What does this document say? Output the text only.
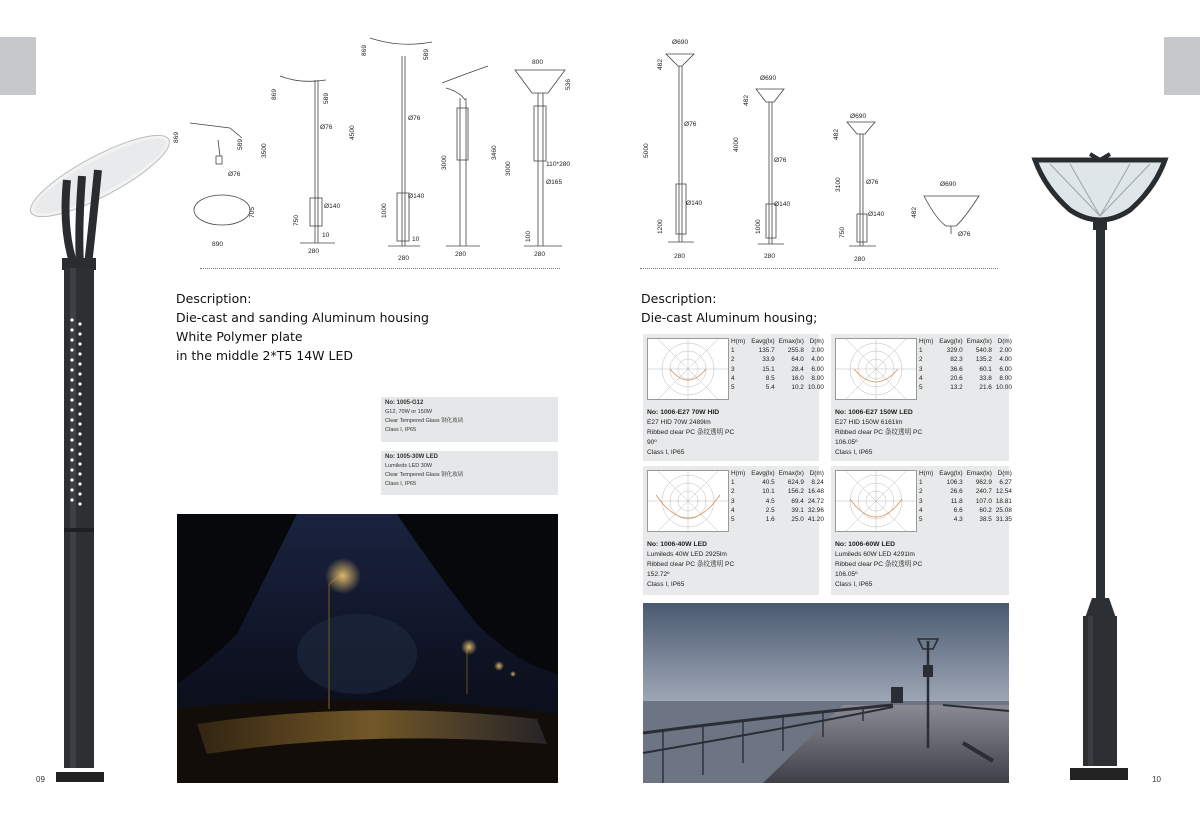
869
589
Ø76
705
890
869	589
3500
Ø76
Ø140
750
280
10
869	589
4500
Ø76
Ø140
1000
280
10
3000
280
800
536
3460
3000
100
110*280
Ø165
280
Description:
Die-cast and sanding Aluminum housing
White Polymer plate
in the middle 2*T5 14W LED
No: 1005-G12
G12, 70W or 150W
Clear Tempered Glass 钢化玻璃
Class I, IP65
No: 1005-30W LED
Lumileds LED 30W
Clear Tempered Glass 钢化玻璃
Class I, IP65
09
Ø690
482
5000
Ø76
Ø140
1200
280
Ø690
482
4000
Ø76
Ø140
1000
280
Ø690
482
3100	Ø76
Ø140
750
280
Ø690
482
Ø76
Description:
Die-cast Aluminum housing;
H(m)	Eavg(lx)	Emax(lx)	D(m)
1	135.7	255.8	2.00
2	33.9	64.0	4.00
3	15.1	28.4	6.00
4	8.5	16.0	8.00
5	5.4	10.2	10.00
No: 1006-E27 70W HID
E27 HID 70W 2489lm
Ribbed clear PC 条纹透明 PC
90º
Class I, IP65
H(m)	Eavg(lx)	Emax(lx)	D(m)
1	329.0	540.8	2.00
2	82.3	135.2	4.00
3	36.6	60.1	6.00
4	20.6	33.8	8.00
5	13.2	21.6	10.00
No: 1006-E27 150W LED
E27 HID 150W 6161lm
Ribbed clear PC 条纹透明 PC
106.05º
Class I, IP65
H(m)	Eavg(lx)	Emax(lx)	D(m)
1	40.5	624.9	8.24
2	10.1	156.2	16.48
3	4.5	69.4	24.72
4	2.5	39.1	32.96
5	1.6	25.0	41.20
No: 1006-40W LED
Lumileds 40W LED 2925lm
Ribbed clear PC 条纹透明 PC
152.72º
Class I, IP65
H(m)	Eavg(lx)	Emax(lx)	D(m)
1	106.3	962.9	6.27
2	26.6	240.7	12.54
3	11.8	107.0	18.81
4	6.6	60.2	25.08
5	4.3	38.5	31.35
No: 1006-60W LED
Lumileds 60W LED 4291lm
Ribbed clear PC 条纹透明 PC
106.05º
Class I, IP65
10
